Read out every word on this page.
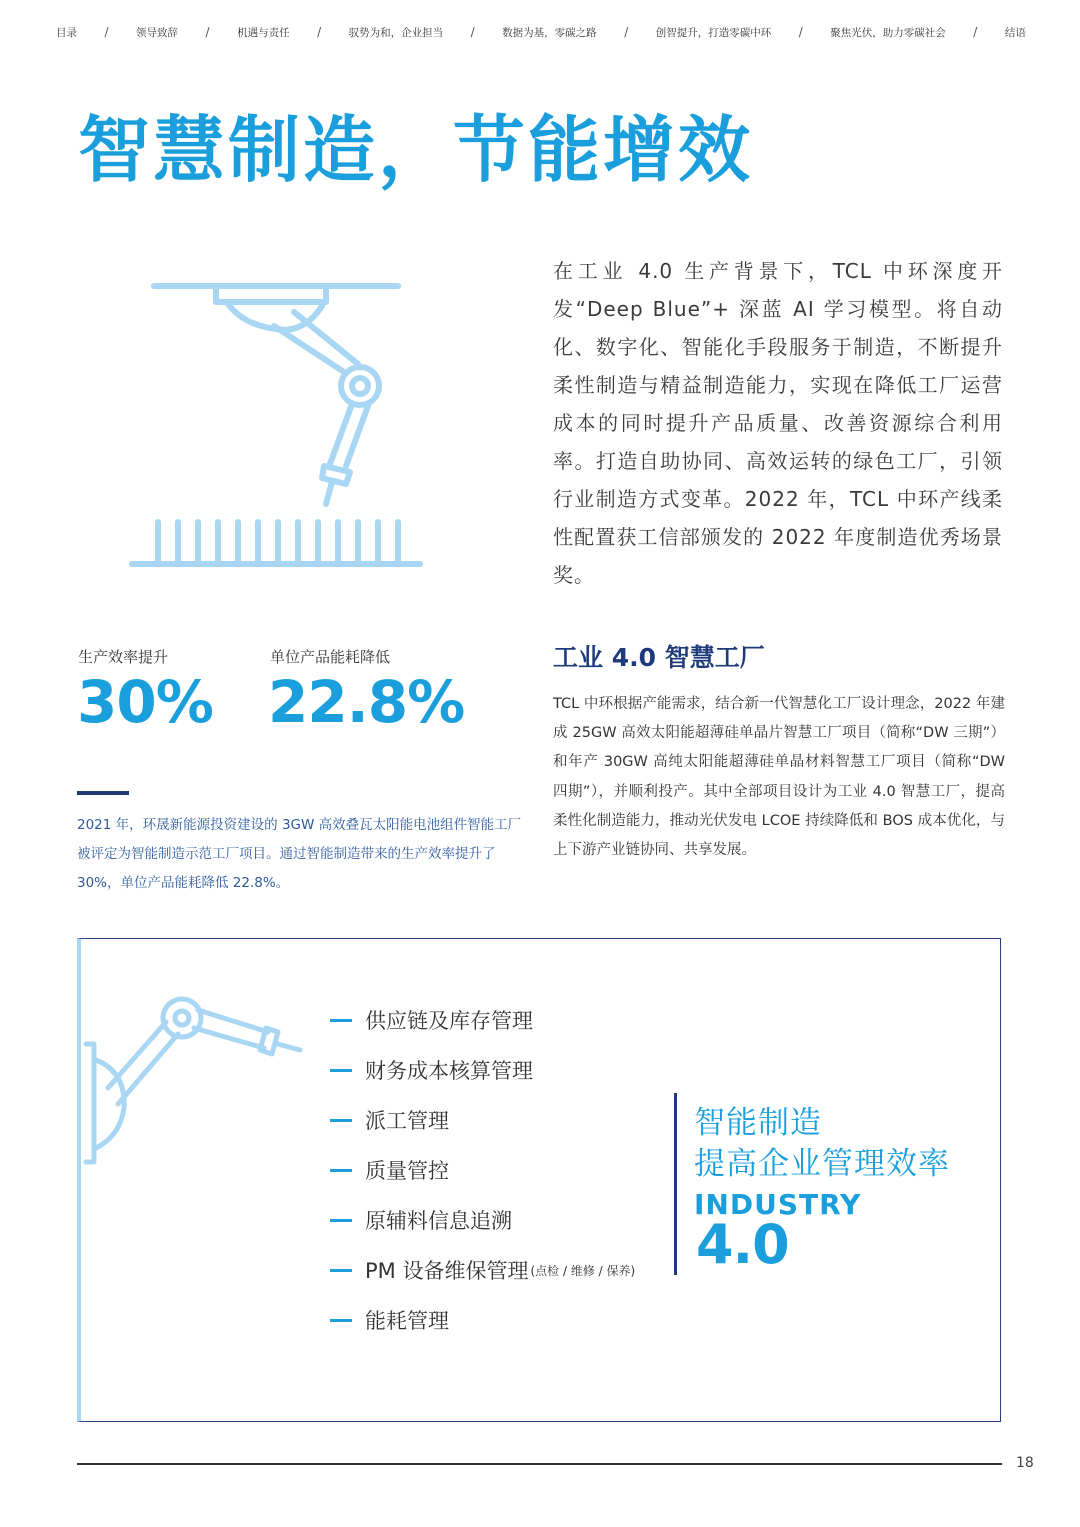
目录 /	领导致辞 /	机遇与责任 /	驭势为和，企业担当 /	数据为基，零碳之路 /	创智提升，打造零碳中环 /	聚焦光伏，助力零碳社会 /	结语
智慧制造，节能增效

在工业 4.0 生产背景下，TCL 中环深度开发“Deep Blue”+ 深蓝 AI 学习模型。将自动化、数字化、智能化手段服务于制造，不断提升柔性制造与精益制造能力，实现在降低工厂运营成本的同时提升产品质量、改善资源综合利用率。打造自助协同、高效运转的绿色工厂，引领行业制造方式变革。2022 年，TCL 中环产线柔性配置获工信部颁发的 2022 年度制造优秀场景奖。

生产效率提升
30%
单位产品能耗降低
22.8%

2021 年，环晟新能源投资建设的 3GW 高效叠瓦太阳能电池组件智能工厂被评定为智能制造示范工厂项目。通过智能制造带来的生产效率提升了 30%，单位产品能耗降低 22.8%。

工业 4.0 智慧工厂

TCL 中环根据产能需求，结合新一代智慧化工厂设计理念，2022 年建成 25GW 高效太阳能超薄硅单晶片智慧工厂项目（简称“DW 三期”）和年产 30GW 高纯太阳能超薄硅单晶材料智慧工厂项目（简称“DW 四期”），并顺利投产。其中全部项目设计为工业 4.0 智慧工厂，提高柔性化制造能力，推动光伏发电 LCOE 持续降低和 BOS 成本优化，与上下游产业链协同、共享发展。

供应链及库存管理
财务成本核算管理
派工管理
质量管控
原辅料信息追溯
PM 设备维保管理 (点检 / 维修 / 保养)
能耗管理

智能制造

提高企业管理效率

INDUSTRY
4.0
18
